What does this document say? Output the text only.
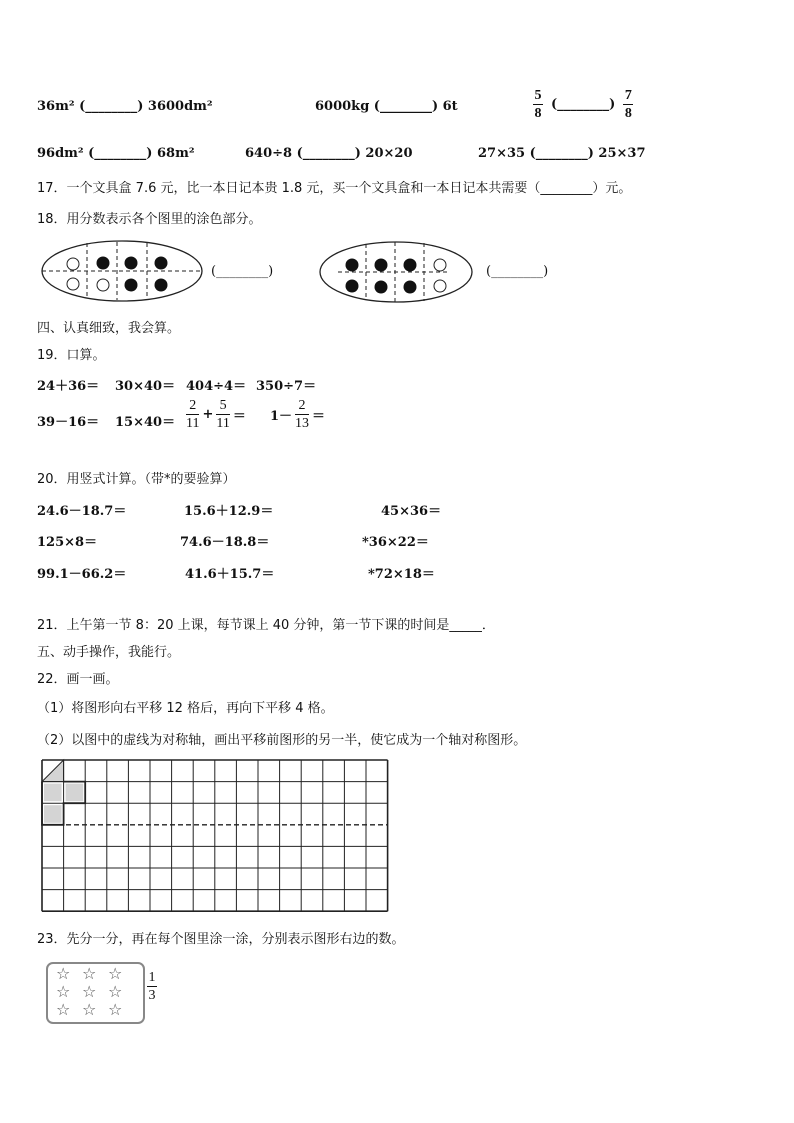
36m² (________) 3600dm²	6000kg (________) 6t	$\frac{5}{8}$ (________) $\frac{7}{8}$
96dm² (________) 68m²	640÷8 (________) 20×20	27×35 (________) 25×37
17．一个文具盒 7.6 元，比一本日记本贵 1.8 元，买一个文具盒和一本日记本共需要（________）元。
18．用分数表示各个图里的涂色部分。
(________)	(________)
四、认真细致，我会算。
19．口算。
24＋36＝ 30×40＝ 404÷4＝ 350÷7＝
$39-16= 15\times 40= \frac{2}{11} + \frac{5}{11} = 1- \frac{2}{13}$ ＝
20．用竖式计算。（带*的要验算）
24.6－18.7＝	15.6＋12.9＝	45×36＝
125×8＝	74.6－18.8＝	*36×22＝
99.1－66.2＝	41.6＋15.7＝	*72×18＝
21．上午第一节 8：20 上课，每节课上 40 分钟，第一节下课的时间是_____．
五、动手操作，我能行。
22．画一画。
（1）将图形向右平移 12 格后，再向下平移 4 格。
（2）以图中的虚线为对称轴，画出平移前图形的另一半，使它成为一个轴对称图形。
23．先分一分，再在每个图里涂一涂，分别表示图形右边的数。
☆ ☆ ☆
☆ ☆ ☆
☆ ☆ ☆
$\frac{1}{3}$
